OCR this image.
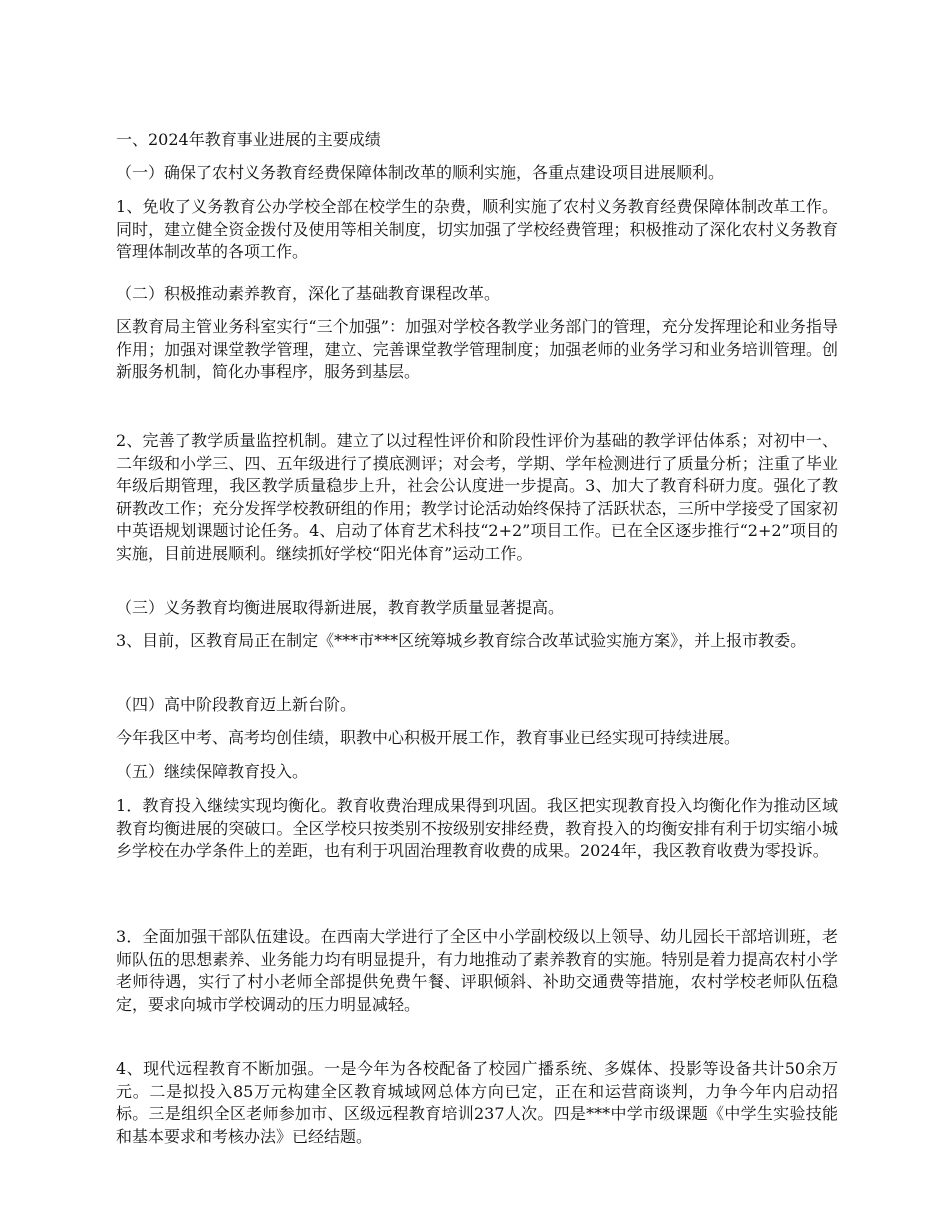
一、2024年教育事业进展的主要成绩

（一）确保了农村义务教育经费保障体制改革的顺利实施，各重点建设项目进展顺利。

1、免收了义务教育公办学校全部在校学生的杂费，顺利实施了农村义务教育经费保障体制改革工作。同时，建立健全资金拨付及使用等相关制度，切实加强了学校经费管理；积极推动了深化农村义务教育管理体制改革的各项工作。

（二）积极推动素养教育，深化了基础教育课程改革。

区教育局主管业务科室实行“三个加强”：加强对学校各教学业务部门的管理，充分发挥理论和业务指导作用；加强对课堂教学管理，建立、完善课堂教学管理制度；加强老师的业务学习和业务培训管理。创新服务机制，简化办事程序，服务到基层。

2、完善了教学质量监控机制。建立了以过程性评价和阶段性评价为基础的教学评估体系；对初中一、二年级和小学三、四、五年级进行了摸底测评；对会考，学期、学年检测进行了质量分析；注重了毕业年级后期管理，我区教学质量稳步上升，社会公认度进一步提高。3、加大了教育科研力度。强化了教研教改工作；充分发挥学校教研组的作用；教学讨论活动始终保持了活跃状态，三所中学接受了国家初中英语规划课题讨论任务。4、启动了体育艺术科技“2+2”项目工作。已在全区逐步推行“2+2”项目的实施，目前进展顺利。继续抓好学校“阳光体育”运动工作。

（三）义务教育均衡进展取得新进展，教育教学质量显著提高。

3、目前，区教育局正在制定《***市***区统筹城乡教育综合改革试验实施方案》，并上报市教委。

（四）高中阶段教育迈上新台阶。

今年我区中考、高考均创佳绩，职教中心积极开展工作，教育事业已经实现可持续进展。

（五）继续保障教育投入。

1．教育投入继续实现均衡化。教育收费治理成果得到巩固。我区把实现教育投入均衡化作为推动区域教育均衡进展的突破口。全区学校只按类别不按级别安排经费，教育投入的均衡安排有利于切实缩小城乡学校在办学条件上的差距，也有利于巩固治理教育收费的成果。2024年，我区教育收费为零投诉。

3．全面加强干部队伍建设。在西南大学进行了全区中小学副校级以上领导、幼儿园长干部培训班，老师队伍的思想素养、业务能力均有明显提升，有力地推动了素养教育的实施。特别是着力提高农村小学老师待遇，实行了村小老师全部提供免费午餐、评职倾斜、补助交通费等措施，农村学校老师队伍稳定，要求向城市学校调动的压力明显减轻。

4、现代远程教育不断加强。一是今年为各校配备了校园广播系统、多媒体、投影等设备共计50余万元。二是拟投入85万元构建全区教育城域网总体方向已定，正在和运营商谈判，力争今年内启动招标。三是组织全区老师参加市、区级远程教育培训237人次。四是***中学市级课题《中学生实验技能和基本要求和考核办法》已经结题。
